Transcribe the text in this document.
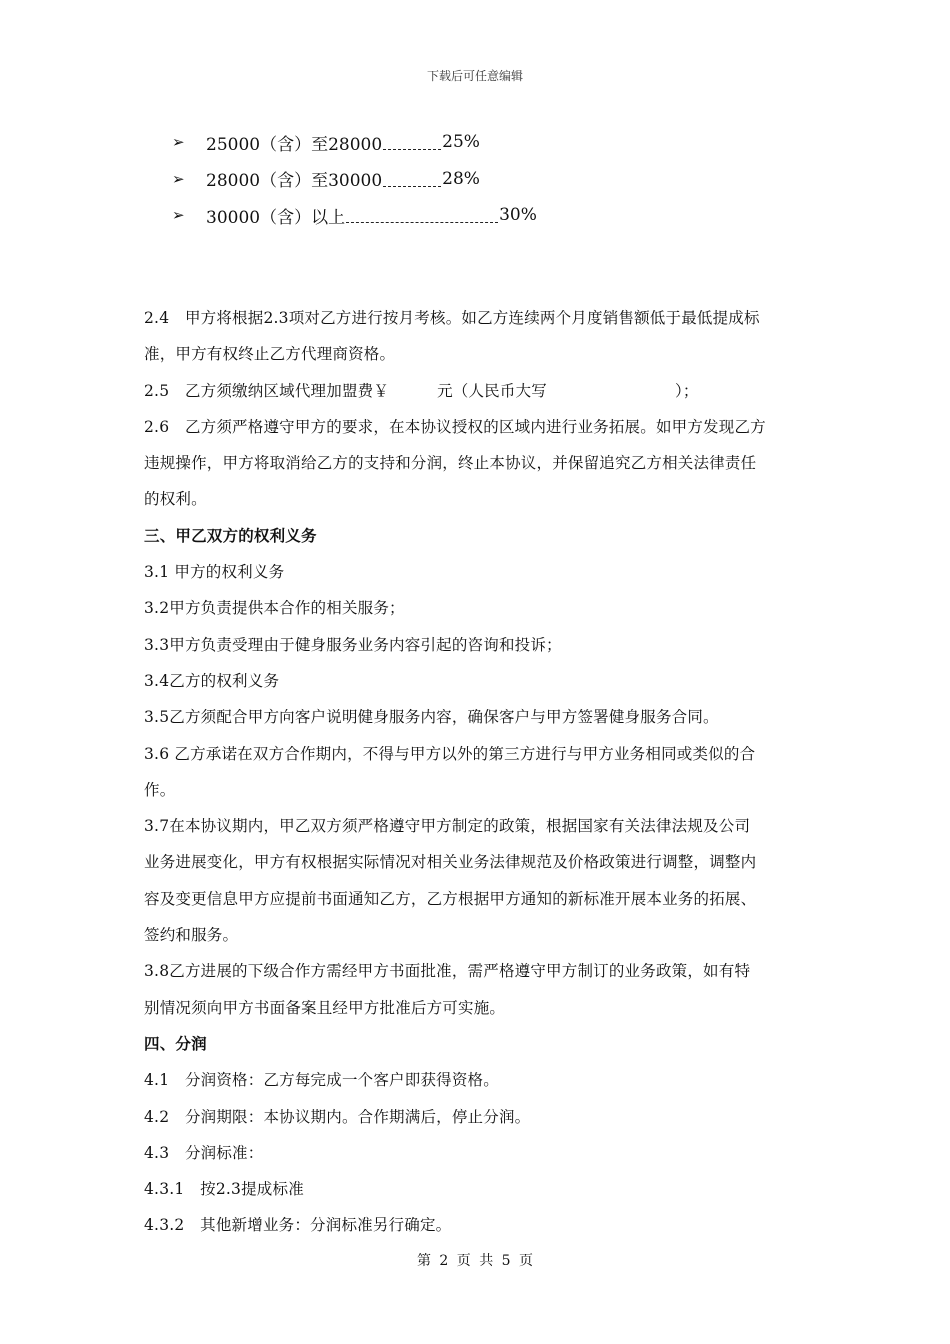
下载后可任意编辑
➢	25000（含）至28000	25%
➢	28000（含）至30000	28%
➢	30000（含）以上	30%
2.4　甲方将根据2.3项对乙方进行按月考核。如乙方连续两个月度销售额低于最低提成标
准，甲方有权终止乙方代理商资格。
2.5　乙方须缴纳区域代理加盟费￥	元（人民币大写	）；
2.6　乙方须严格遵守甲方的要求，在本协议授权的区域内进行业务拓展。如甲方发现乙方
违规操作，甲方将取消给乙方的支持和分润，终止本协议，并保留追究乙方相关法律责任
的权利。
三、甲乙双方的权利义务
3.1 甲方的权利义务
3.2甲方负责提供本合作的相关服务；
3.3甲方负责受理由于健身服务业务内容引起的咨询和投诉；
3.4乙方的权利义务
3.5乙方须配合甲方向客户说明健身服务内容，确保客户与甲方签署健身服务合同。
3.6 乙方承诺在双方合作期内，不得与甲方以外的第三方进行与甲方业务相同或类似的合
作。
3.7在本协议期内，甲乙双方须严格遵守甲方制定的政策，根据国家有关法律法规及公司
业务进展变化，甲方有权根据实际情况对相关业务法律规范及价格政策进行调整，调整内
容及变更信息甲方应提前书面通知乙方，乙方根据甲方通知的新标准开展本业务的拓展、
签约和服务。
3.8乙方进展的下级合作方需经甲方书面批准，需严格遵守甲方制订的业务政策，如有特
别情况须向甲方书面备案且经甲方批准后方可实施。
四、分润
4.1　分润资格：乙方每完成一个客户即获得资格。
4.2　分润期限：本协议期内。合作期满后，停止分润。
4.3　分润标准：
4.3.1　按2.3提成标准
4.3.2　其他新增业务：分润标准另行确定。
第 2 页 共 5 页
